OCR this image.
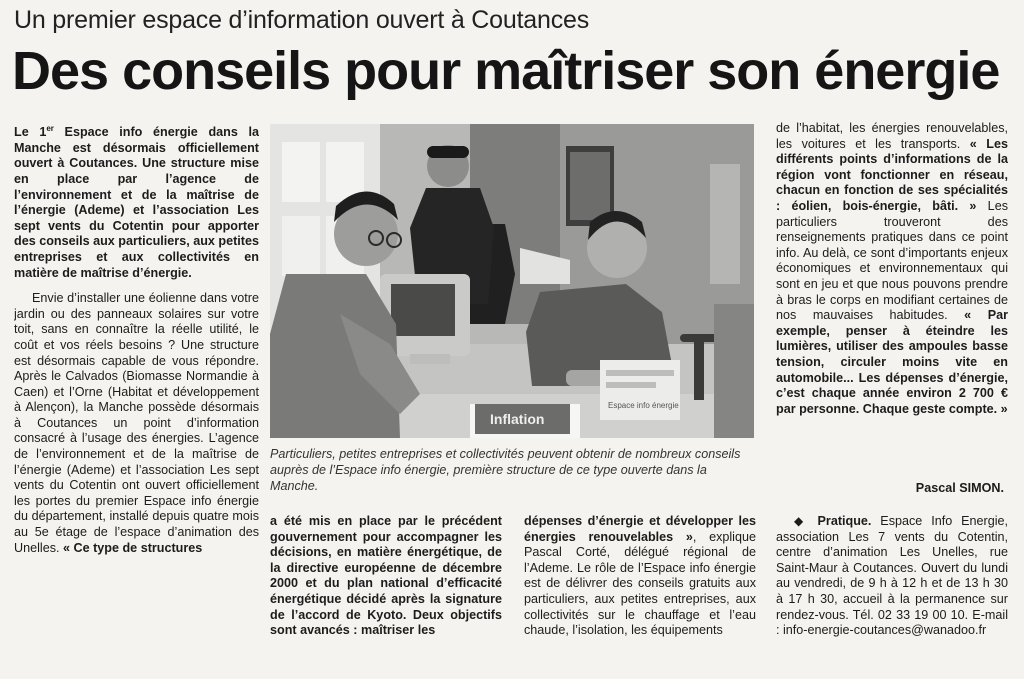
Un premier espace d’information ouvert à Coutances
Des conseils pour maîtriser son énergie

Le 1er Espace info énergie dans la Manche est désormais officiellement ouvert à Coutances. Une structure mise en place par l’agence de l’environnement et de la maîtrise de l’énergie (Ademe) et l’association Les sept vents du Cotentin pour apporter des conseils aux particuliers, aux petites entreprises et aux collectivités en matière de maîtrise d’énergie.

Envie d’installer une éolienne dans votre jardin ou des panneaux solaires sur votre toit, sans en connaître la réelle utilité, le coût et vos réels besoins ? Une structure est désormais capable de vous répondre. Après le Calvados (Biomasse Normandie à Caen) et l’Orne (Habitat et développement à Alençon), la Manche possède désormais à Coutances un point d’information consacré à l’usage des énergies. L’agence de l’environnement et de la maîtrise de l’énergie (Ademe) et l’association Les sept vents du Cotentin ont ouvert officiellement les portes du premier Espace info énergie du département, installé depuis quatre mois au 5e étage de l’espace d’animation des Unelles. « Ce type de structures

Inflation
Espace info énergie
Particuliers, petites entreprises et collectivités peuvent obtenir de nombreux conseils auprès de l’Espace info énergie, première structure de ce type ouverte dans la Manche.

a été mis en place par le précédent gouvernement pour accompagner les décisions, en matière énergétique, de la directive européenne de décembre 2000 et du plan national d’efficacité énergétique décidé après la signature de l’accord de Kyoto. Deux objectifs sont avancés : maîtriser les

dépenses d’énergie et développer les énergies renouvelables », explique Pascal Corté, délégué régional de l’Ademe. Le rôle de l’Espace info énergie est de délivrer des conseils gratuits aux particuliers, aux petites entreprises, aux collectivités sur le chauffage et l’eau chaude, l’isolation, les équipements

de l’habitat, les énergies renouvelables, les voitures et les transports. « Les différents points d’informations de la région vont fonctionner en réseau, chacun en fonction de ses spécialités : éolien, bois-énergie, bâti. » Les particuliers trouveront des renseignements pratiques dans ce point info. Au delà, ce sont d’importants enjeux économiques et environnementaux qui sont en jeu et que nous pouvons prendre à bras le corps en modifiant certaines de nos mauvaises habitudes. « Par exemple, penser à éteindre les lumières, utiliser des ampoules basse tension, circuler moins vite en automobile... Les dépenses d’énergie, c’est chaque année environ 2 700 € par personne. Chaque geste compte. »

Pascal SIMON.

◆ Pratique. Espace Info Energie, association Les 7 vents du Cotentin, centre d’animation Les Unelles, rue Saint-Maur à Coutances. Ouvert du lundi au vendredi, de 9 h à 12 h et de 13 h 30 à 17 h 30, accueil à la permanence sur rendez-vous. Tél. 02 33 19 00 10. E-mail : info-energie-coutances@wanadoo.fr
